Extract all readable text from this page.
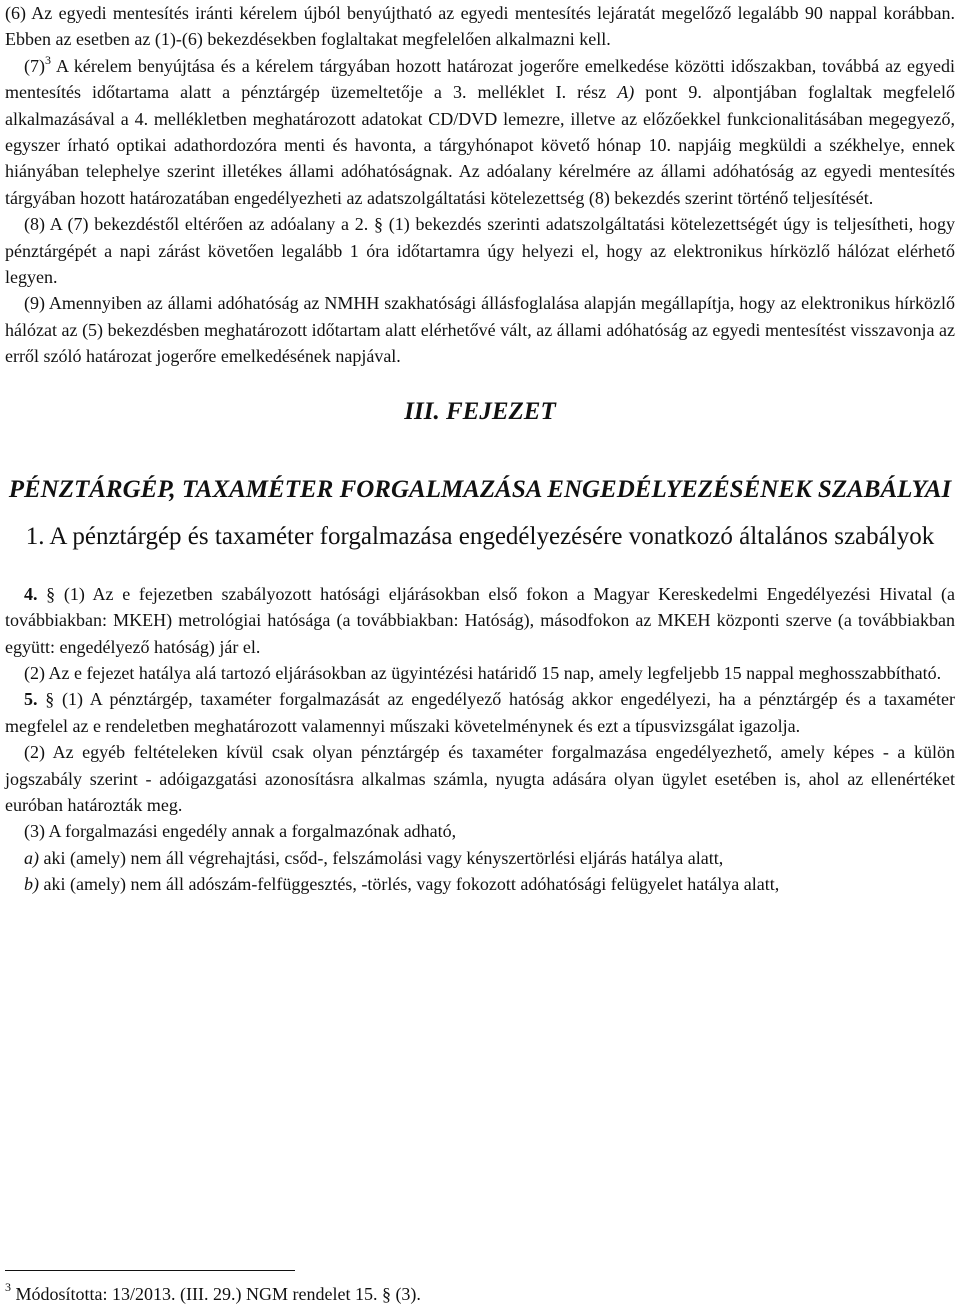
(6) Az egyedi mentesítés iránti kérelem újból benyújtható az egyedi mentesítés lejáratát megelőző legalább 90 nappal korábban. Ebben az esetben az (1)-(6) bekezdésekben foglaltakat megfelelően alkalmazni kell.

$(7)^3$ A kérelem benyújtása és a kérelem tárgyában hozott határozat jogerőre emelkedése közötti időszakban, továbbá az egyedi mentesítés időtartama alatt a pénztárgép üzemeltetője a 3. melléklet I. rész A) pont 9. alpontjában foglaltak megfelelő alkalmazásával a 4. mellékletben meghatározott adatokat CD/DVD lemezre, illetve az előzőekkel funkcionalitásában megegyező, egyszer írható optikai adathordozóra menti és havonta, a tárgyhónapot követő hónap 10. napjáig megküldi a székhelye, ennek hiányában telephelye szerint illetékes állami adóhatóságnak. Az adóalany kérelmére az állami adóhatóság az egyedi mentesítés tárgyában hozott határozatában engedélyezheti az adatszolgáltatási kötelezettség (8) bekezdés szerint történő teljesítését.

(8) A (7) bekezdéstől eltérően az adóalany a 2. § (1) bekezdés szerinti adatszolgáltatási kötelezettségét úgy is teljesítheti, hogy pénztárgépét a napi zárást követően legalább 1 óra időtartamra úgy helyezi el, hogy az elektronikus hírközlő hálózat elérhető legyen.

(9) Amennyiben az állami adóhatóság az NMHH szakhatósági állásfoglalása alapján megállapítja, hogy az elektronikus hírközlő hálózat az (5) bekezdésben meghatározott időtartam alatt elérhetővé vált, az állami adóhatóság az egyedi mentesítést visszavonja az erről szóló határozat jogerőre emelkedésének napjával.

III. FEJEZET
PÉNZTÁRGÉP, TAXAMÉTER FORGALMAZÁSA ENGEDÉLYEZÉSÉNEK SZABÁLYAI
1. A pénztárgép és taxaméter forgalmazása engedélyezésére vonatkozó általános szabályok

4. § (1) Az e fejezetben szabályozott hatósági eljárásokban első fokon a Magyar Kereskedelmi Engedélyezési Hivatal (a továbbiakban: MKEH) metrológiai hatósága (a továbbiakban: Hatóság), másodfokon az MKEH központi szerve (a továbbiakban együtt: engedélyező hatóság) jár el.

(2) Az e fejezet hatálya alá tartozó eljárásokban az ügyintézési határidő 15 nap, amely legfeljebb 15 nappal meghosszabbítható.

5. § (1) A pénztárgép, taxaméter forgalmazását az engedélyező hatóság akkor engedélyezi, ha a pénztárgép és a taxaméter megfelel az e rendeletben meghatározott valamennyi műszaki követelménynek és ezt a típusvizsgálat igazolja.

(2) Az egyéb feltételeken kívül csak olyan pénztárgép és taxaméter forgalmazása engedélyezhető, amely képes - a külön jogszabály szerint - adóigazgatási azonosításra alkalmas számla, nyugta adására olyan ügylet esetében is, ahol az ellenértéket euróban határozták meg.

(3) A forgalmazási engedély annak a forgalmazónak adható,

a) aki (amely) nem áll végrehajtási, csőd-, felszámolási vagy kényszertörlési eljárás hatálya alatt,

b) aki (amely) nem áll adószám-felfüggesztés, -törlés, vagy fokozott adóhatósági felügyelet hatálya alatt,

$^3$ Módosította: 13/2013. (III. 29.) NGM rendelet 15. § (3).
